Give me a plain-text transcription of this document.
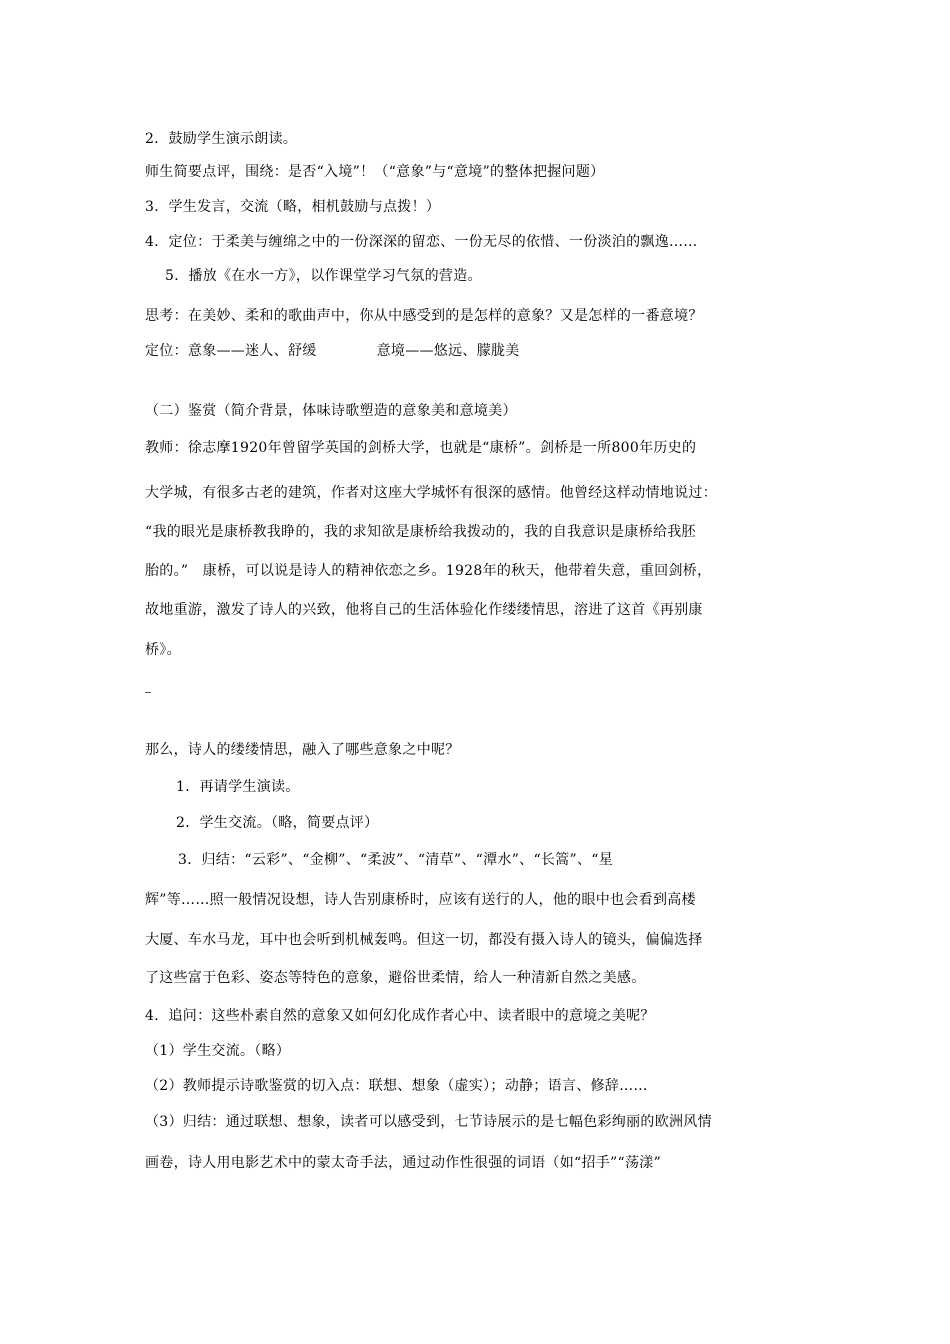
2．鼓励学生演示朗读。
师生简要点评，围绕：是否“入境”！（“意象”与“意境”的整体把握问题）
3．学生发言，交流（略，相机鼓励与点拨！）
4．定位：于柔美与缠绵之中的一份深深的留恋、一份无尽的依惜、一份淡泊的飘逸……
5．播放《在水一方》，以作课堂学习气氛的营造。
思考：在美妙、柔和的歌曲声中，你从中感受到的是怎样的意象？又是怎样的一番意境？
定位：意象——迷人、舒缓	意境——悠远、朦胧美
（二）鉴赏（简介背景，体味诗歌塑造的意象美和意境美）
教师：徐志摩1920年曾留学英国的剑桥大学，也就是“康桥”。剑桥是一所800年历史的
大学城，有很多古老的建筑，作者对这座大学城怀有很深的感情。他曾经这样动情地说过：
“我的眼光是康桥教我睁的，我的求知欲是康桥给我拨动的，我的自我意识是康桥给我胚
胎的。”　康桥，可以说是诗人的精神依恋之乡。1928年的秋天，他带着失意，重回剑桥，
故地重游，激发了诗人的兴致，他将自己的生活体验化作缕缕情思，溶进了这首《再别康
桥》。
那么，诗人的缕缕情思，融入了哪些意象之中呢？
1．再请学生演读。
2．学生交流。（略，简要点评）
3．归结：“云彩”、“金柳”、“柔波”、“清草”、“潭水”、“长篙”、“星
辉”等……照一般情况设想，诗人告别康桥时，应该有送行的人，他的眼中也会看到高楼
大厦、车水马龙，耳中也会听到机械轰鸣。但这一切，都没有摄入诗人的镜头，偏偏选择
了这些富于色彩、姿态等特色的意象，避俗世柔情，给人一种清新自然之美感。
4．追问：这些朴素自然的意象又如何幻化成作者心中、读者眼中的意境之美呢？
（1）学生交流。（略）
（2）教师提示诗歌鉴赏的切入点：联想、想象（虚实）；动静；语言、修辞……
（3）归结：通过联想、想象，读者可以感受到，七节诗展示的是七幅色彩绚丽的欧洲风情
画卷，诗人用电影艺术中的蒙太奇手法，通过动作性很强的词语（如“招手”“荡漾”
